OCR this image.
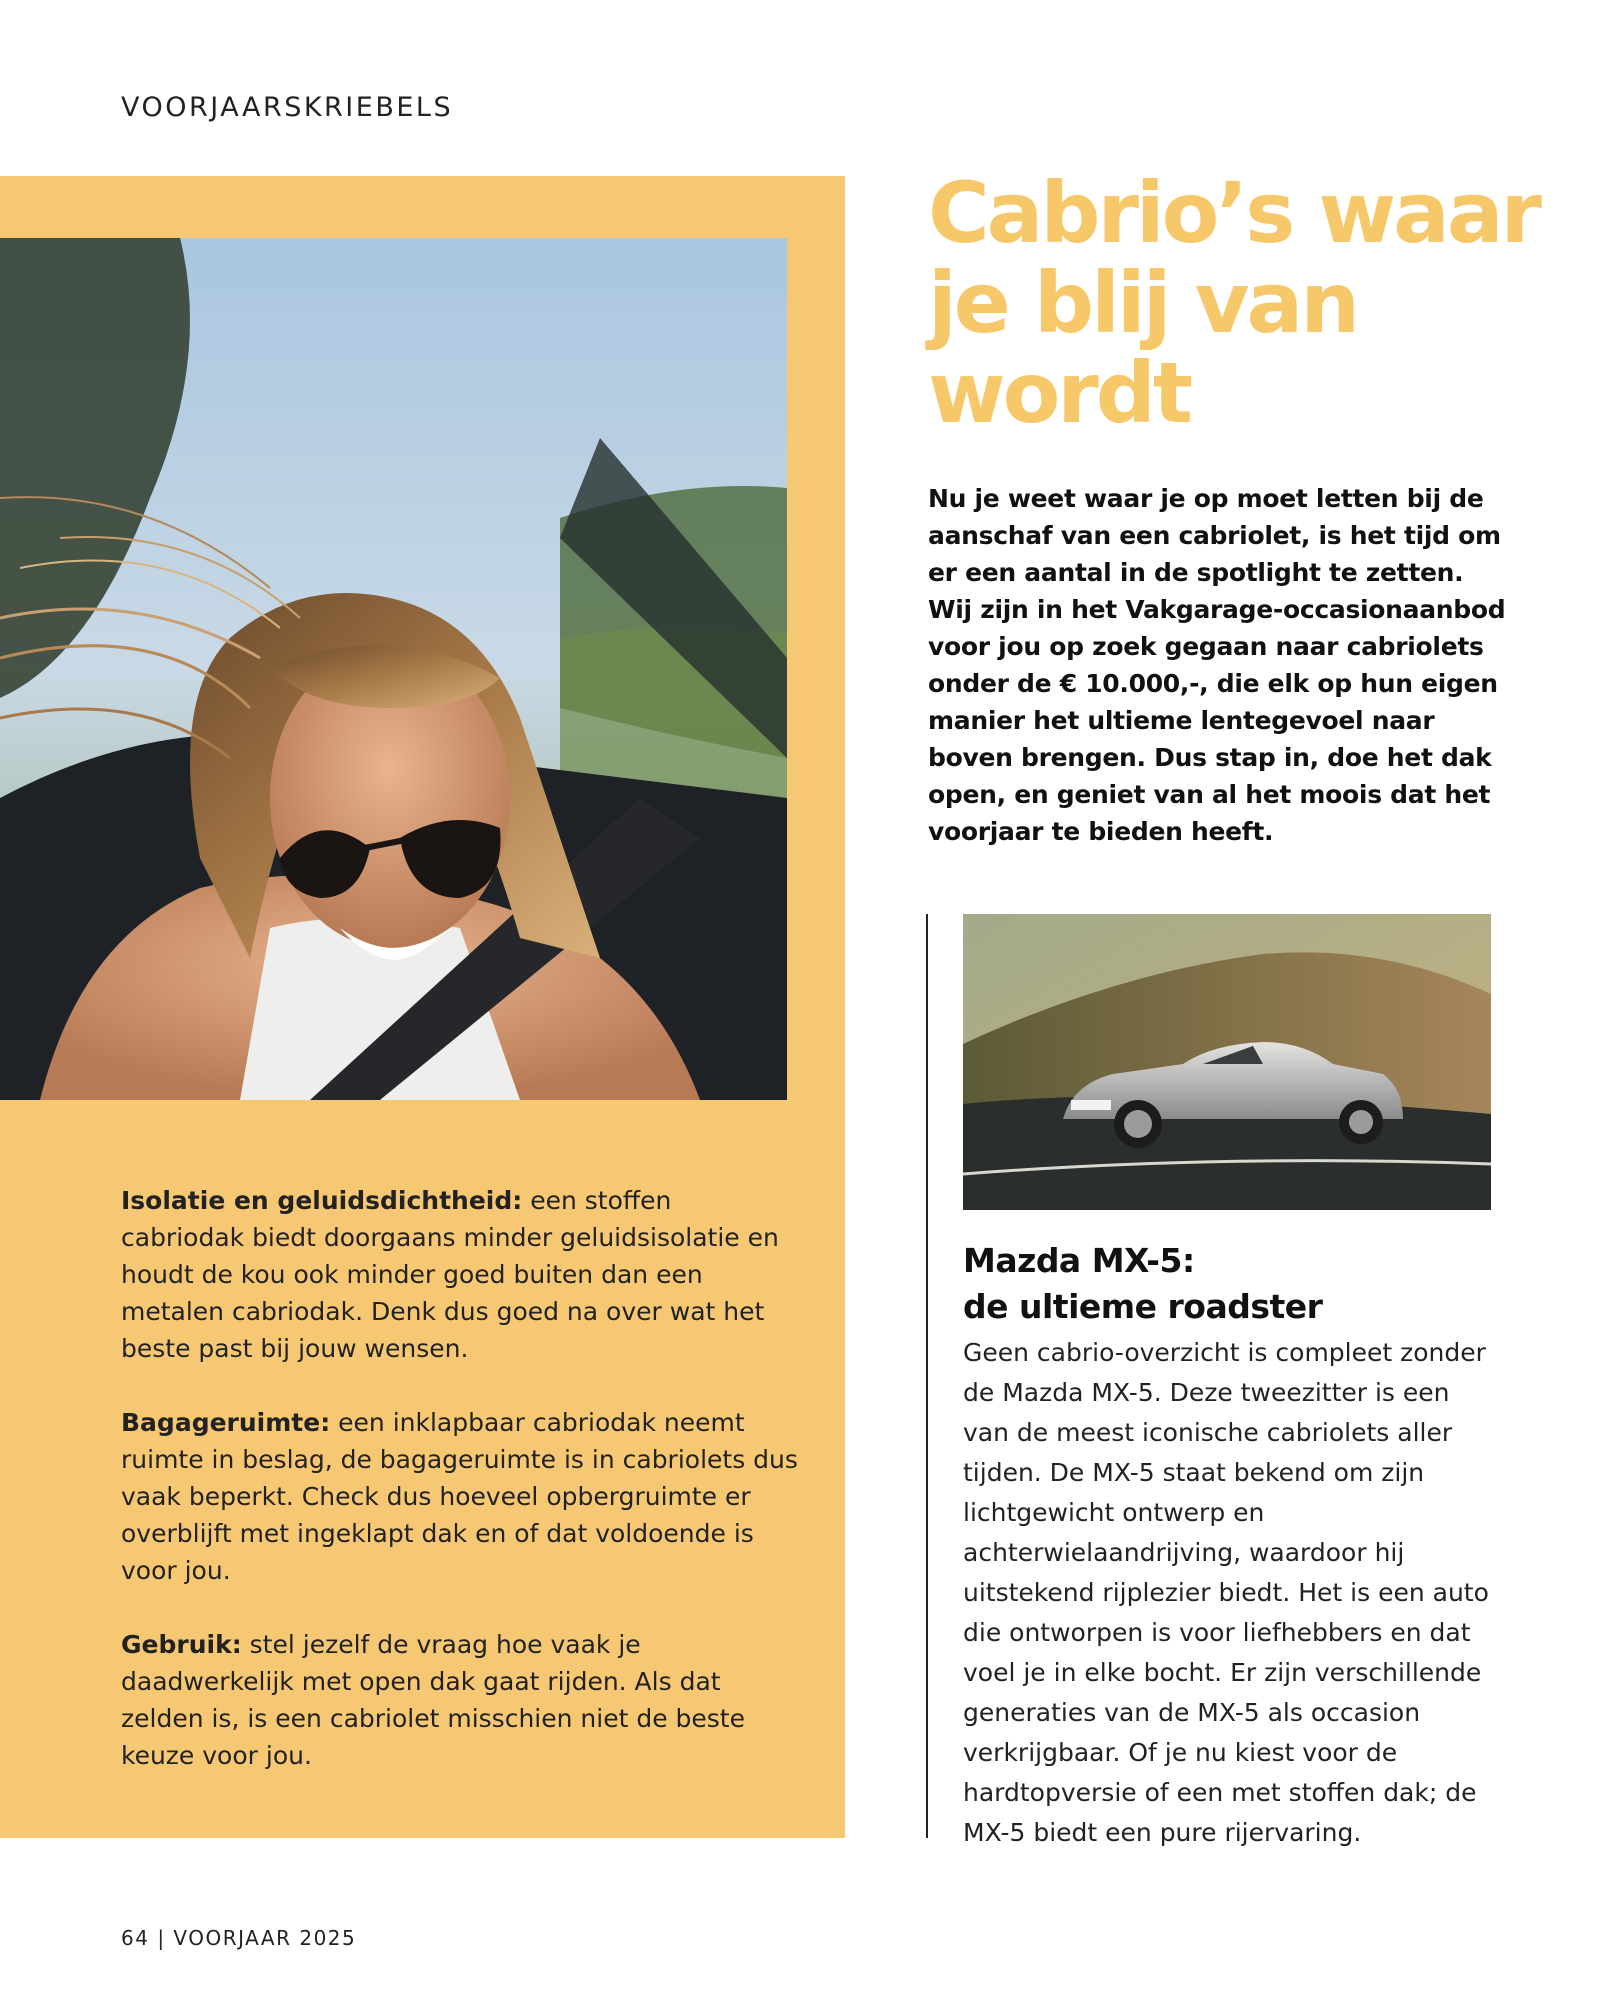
VOORJAARSKRIEBELS

Isolatie en geluidsdichtheid: een stoffen cabriodak biedt doorgaans minder geluidsisolatie en houdt de kou ook minder goed buiten dan een metalen cabriodak. Denk dus goed na over wat het beste past bij jouw wensen.

Bagageruimte: een inklapbaar cabriodak neemt ruimte in beslag, de bagageruimte is in cabriolets dus vaak beperkt. Check dus hoeveel opbergruimte er overblijft met ingeklapt dak en of dat voldoende is voor jou.

Gebruik: stel jezelf de vraag hoe vaak je daadwerkelijk met open dak gaat rijden. Als dat zelden is, is een cabriolet misschien niet de beste keuze voor jou.

Cabrio’s waar je blij van wordt

Nu je weet waar je op moet letten bij de aanschaf van een cabriolet, is het tijd om er een aantal in de spotlight te zetten. Wij zijn in het Vakgarage-occasionaanbod voor jou op zoek gegaan naar cabriolets onder de € 10.000,-, die elk op hun eigen manier het ultieme lentegevoel naar boven brengen. Dus stap in, doe het dak open, en geniet van al het moois dat het voorjaar te bieden heeft.

Mazda MX-5:
de ultieme roadster

Geen cabrio-overzicht is compleet zonder de Mazda MX-5. Deze tweezitter is een van de meest iconische cabriolets aller tijden. De MX-5 staat bekend om zijn lichtgewicht ontwerp en achterwielaandrijving, waardoor hij uitstekend rijplezier biedt. Het is een auto die ontworpen is voor liefhebbers en dat voel je in elke bocht. Er zijn verschillende generaties van de MX-5 als occasion verkrijgbaar. Of je nu kiest voor de hardtopversie of een met stoffen dak; de MX-5 biedt een pure rijervaring.

64 | VOORJAAR 2025
